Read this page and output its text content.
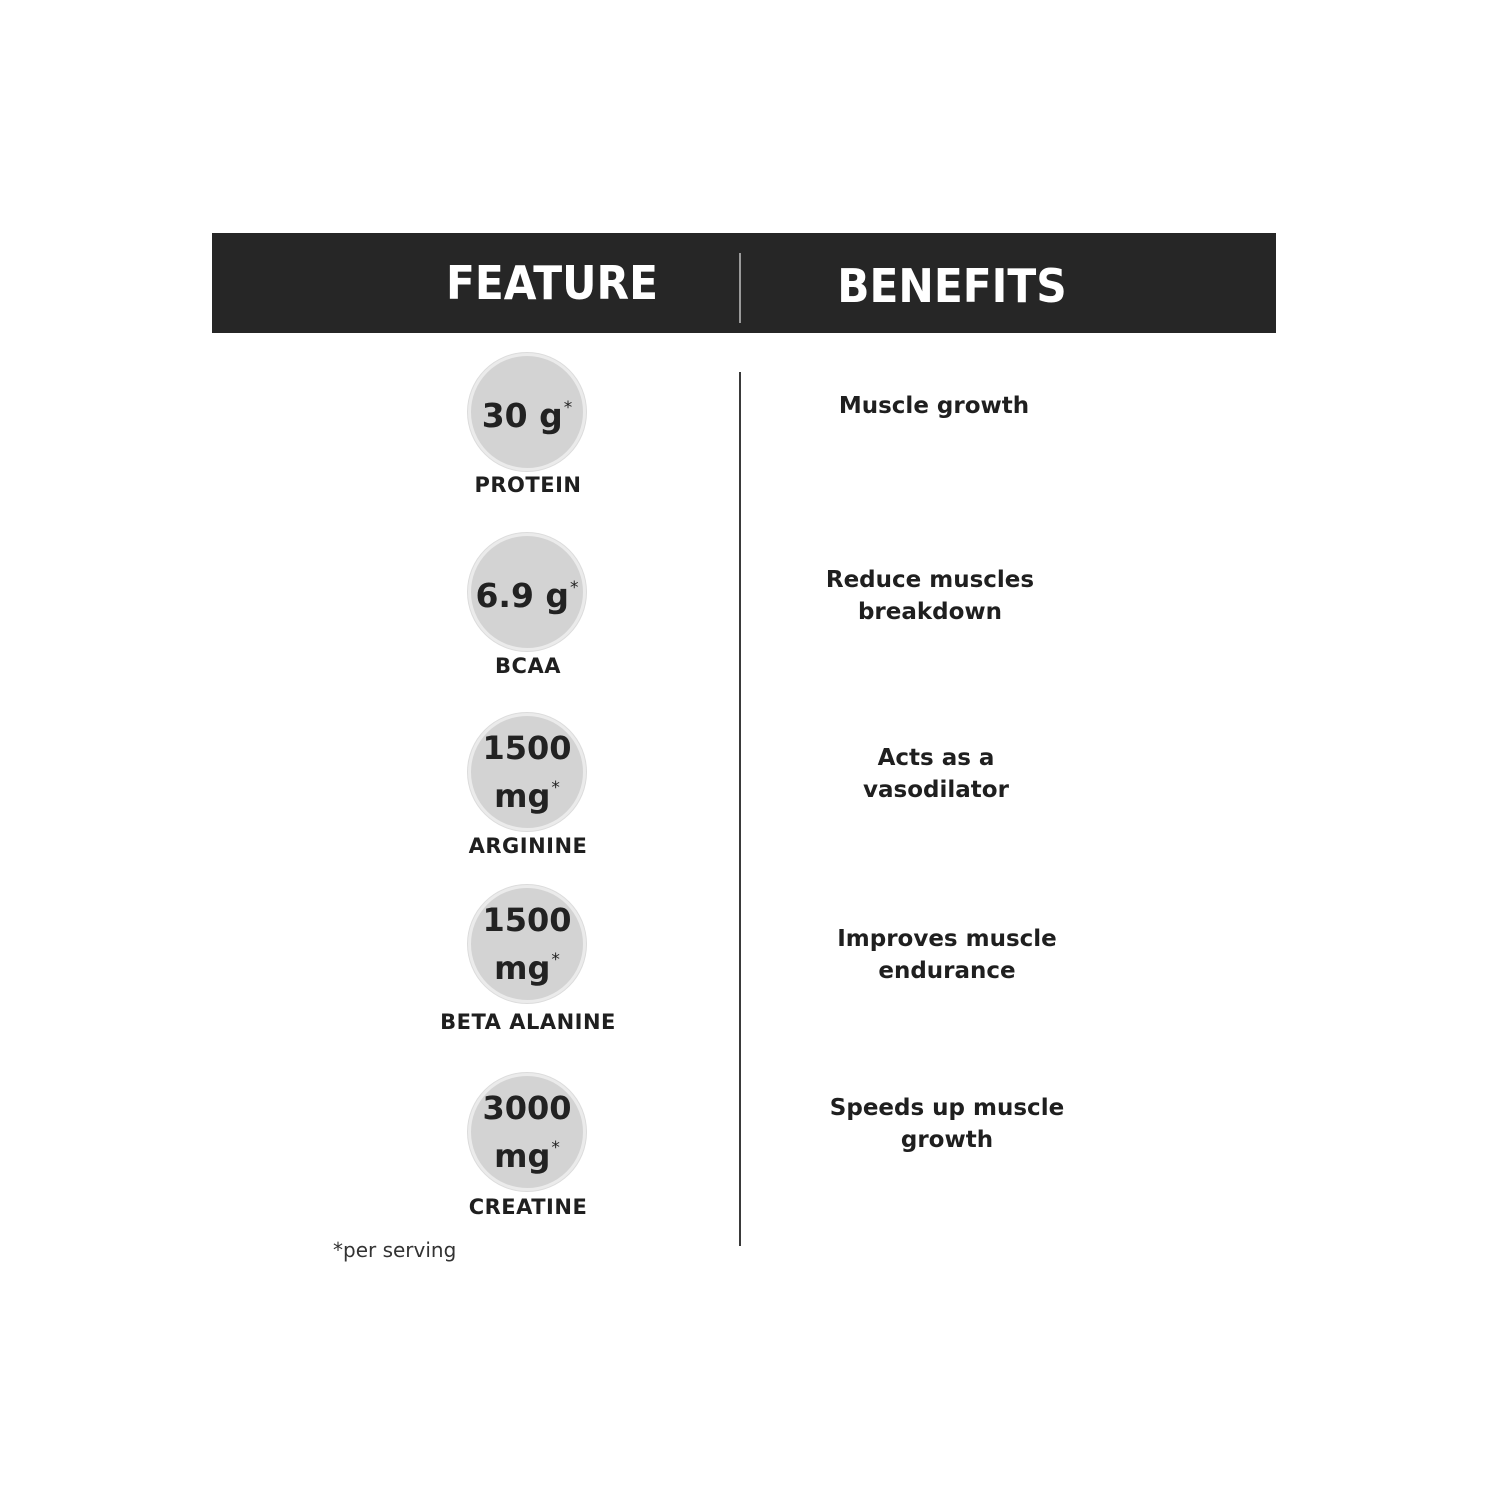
FEATURE	BENEFITS
30 g*
PROTEIN
6.9 g*
BCAA
1500
mg*
ARGININE
1500
mg*
BETA ALANINE
3000
mg*
CREATINE
Muscle growth
Reduce muscles
breakdown
Acts as a
vasodilator
Improves muscle
endurance
Speeds up muscle
growth
*per serving
